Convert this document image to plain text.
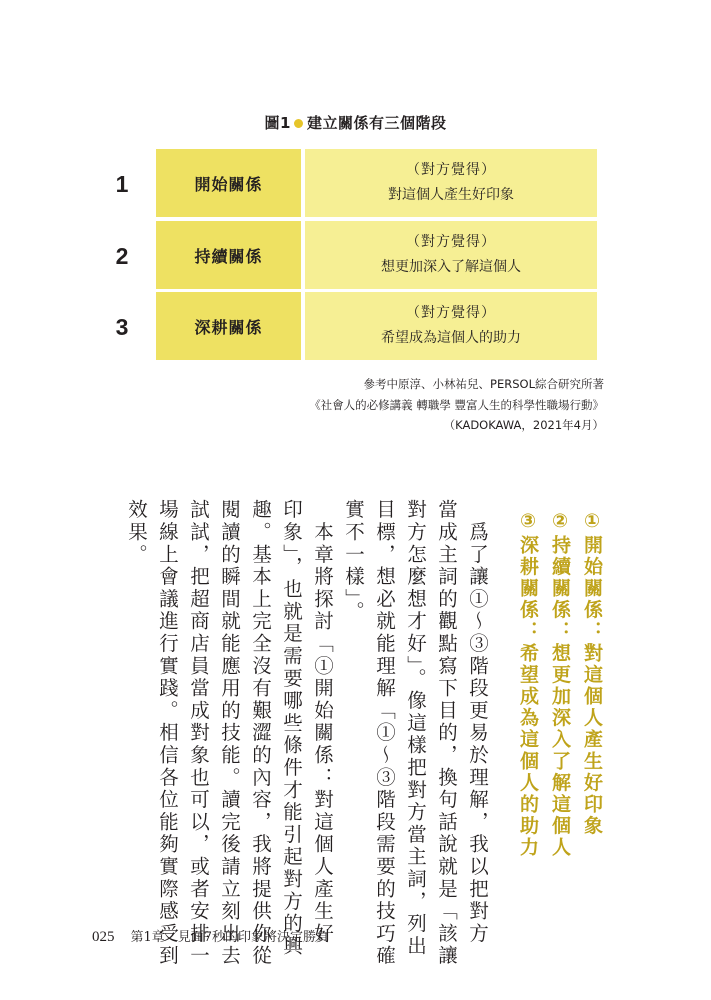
圖1 建立關係有三個階段
1	開始關係
（對方覺得）
對這個人產生好印象
2	持續關係
（對方覺得）
想更加深入了解這個人
3	深耕關係
（對方覺得）
希望成為這個人的助力
參考中原淳、小林祐兒、PERSOL綜合研究所著
《社會人的必修講義 轉職學 豐富人生的科學性職場行動》
（KADOKAWA，2021年4月）
①開始關係：對這個人產生好印象
②持續關係：想更加深入了解這個人
③深耕關係：希望成為這個人的助力
　爲了讓①～③階段更易於理解，我以把對方
當成主詞的觀點寫下目的，換句話說就是「該讓
對方怎麼想才好」。像這樣把對方當主詞，列出
目標，想必就能理解「①～③階段需要的技巧確
實不一樣」。
　本章將探討「①開始關係：對這個人產生好
印象」，也就是需要哪些條件才能引起對方的興
趣。基本上完全沒有艱澀的內容，我將提供你從
閱讀的瞬間就能應用的技能。讀完後請立刻出去
試試，把超商店員當成對象也可以，或者安排一
場線上會議進行實踐。相信各位能夠實際感受到
效果。
025 第1章　見面7秒的印象將決定勝負
